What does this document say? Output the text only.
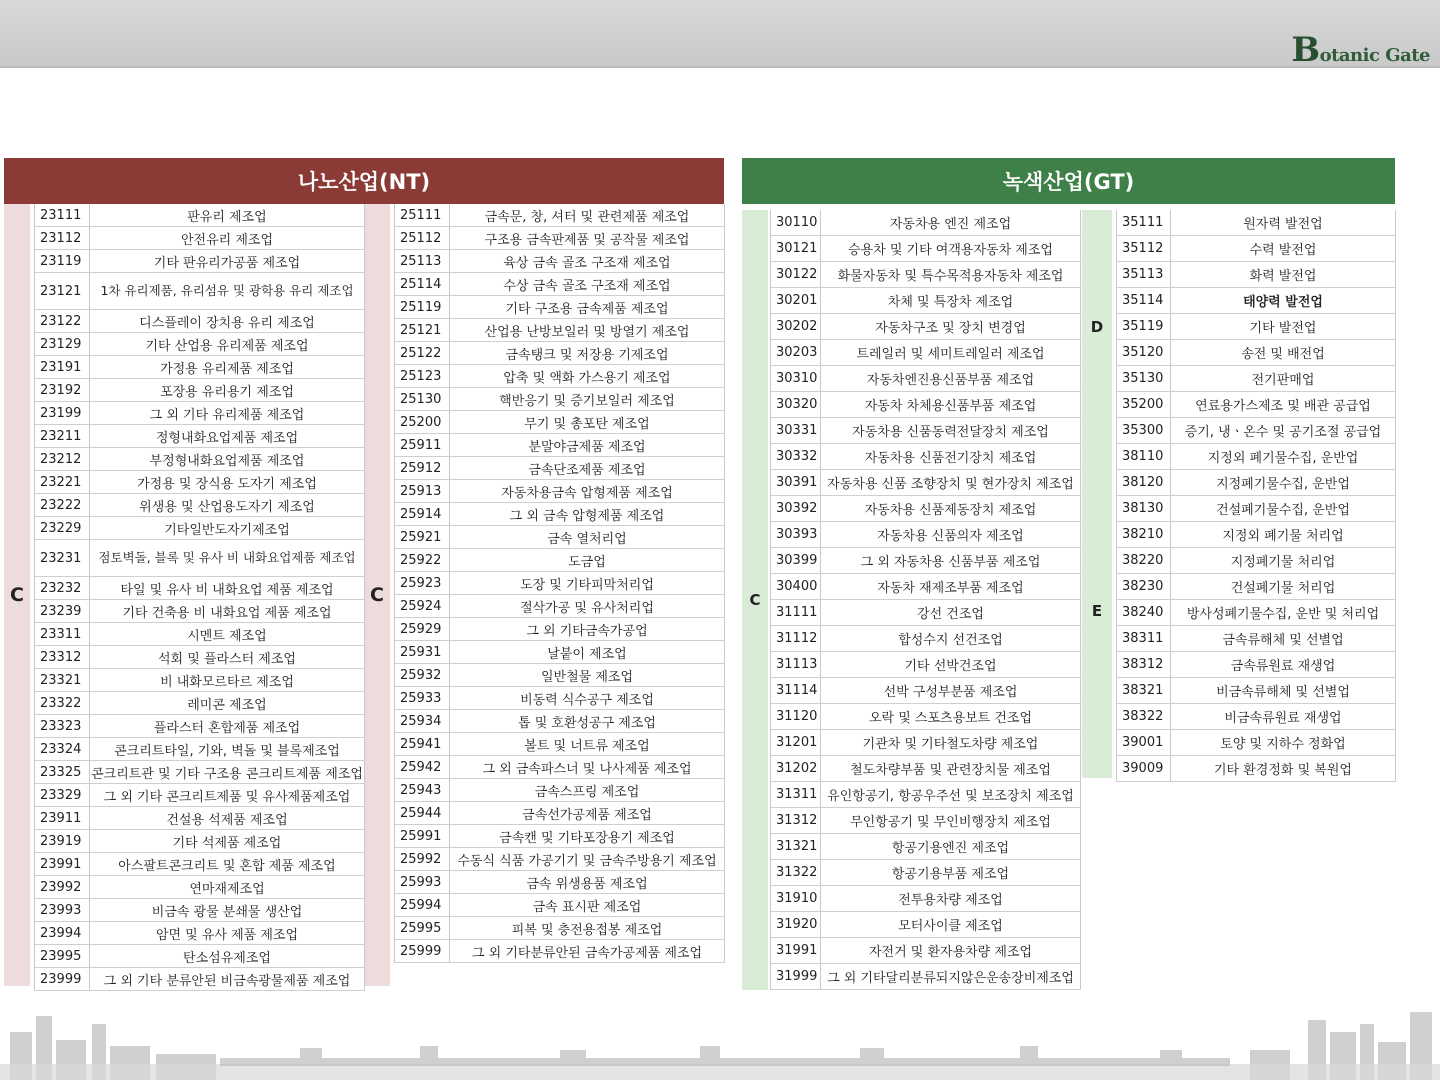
Botanic Gate
나노산업(NT)
C	C
23111	판유리 제조업
23112	안전유리 제조업
23119	기타 판유리가공품 제조업
23121	1차 유리제품, 유리섬유 및 광학용 유리 제조업
23122	디스플레이 장치용 유리 제조업
23129	기타 산업용 유리제품 제조업
23191	가정용 유리제품 제조업
23192	포장용 유리용기 제조업
23199	그 외 기타 유리제품 제조업
23211	정형내화요업제품 제조업
23212	부정형내화요업제품 제조업
23221	가정용 및 장식용 도자기 제조업
23222	위생용 및 산업용도자기 제조업
23229	기타일반도자기제조업
23231	점토벽돌, 블록 및 유사 비 내화요업제품 제조업
23232	타일 및 유사 비 내화요업 제품 제조업
23239	기타 건축용 비 내화요업 제품 제조업
23311	시멘트 제조업
23312	석회 및 플라스터 제조업
23321	비 내화모르타르 제조업
23322	레미콘 제조업
23323	플라스터 혼합제품 제조업
23324	콘크리트타일, 기와, 벽돌 및 블록제조업
23325	콘크리트관 및 기타 구조용 콘크리트제품 제조업
23329	그 외 기타 콘크리트제품 및 유사제품제조업
23911	건설용 석제품 제조업
23919	기타 석제품 제조업
23991	아스팔트콘크리트 및 혼합 제품 제조업
23992	연마재제조업
23993	비금속 광물 분쇄물 생산업
23994	암면 및 유사 제품 제조업
23995	탄소섬유제조업
23999	그 외 기타 분류안된 비금속광물제품 제조업
25111	금속문, 창, 셔터 및 관련제품 제조업
25112	구조용 금속판제품 및 공작물 제조업
25113	육상 금속 골조 구조재 제조업
25114	수상 금속 골조 구조재 제조업
25119	기타 구조용 금속제품 제조업
25121	산업용 난방보일러 및 방열기 제조업
25122	금속탱크 및 저장용 기제조업
25123	압축 및 액화 가스용기 제조업
25130	핵반응기 및 증기보일러 제조업
25200	무기 및 총포탄 제조업
25911	분말야금제품 제조업
25912	금속단조제품 제조업
25913	자동차용금속 압형제품 제조업
25914	그 외 금속 압형제품 제조업
25921	금속 열처리업
25922	도금업
25923	도장 및 기타피막처리업
25924	절삭가공 및 유사처리업
25929	그 외 기타금속가공업
25931	날붙이 제조업
25932	일반철물 제조업
25933	비동력 식수공구 제조업
25934	톱 및 호환성공구 제조업
25941	볼트 및 너트류 제조업
25942	그 외 금속파스너 및 나사제품 제조업
25943	금속스프링 제조업
25944	금속선가공제품 제조업
25991	금속캔 및 기타포장용기 제조업
25992	수동식 식품 가공기기 및 금속주방용기 제조업
25993	금속 위생용품 제조업
25994	금속 표시판 제조업
25995	피복 및 충전용접봉 제조업
25999	그 외 기타분류안된 금속가공제품 제조업
녹색산업(GT)
C
D
E
30110	자동차용 엔진 제조업
30121	승용차 및 기타 여객용자동차 제조업
30122	화물자동차 및 특수목적용자동차 제조업
30201	차체 및 특장차 제조업
30202	자동차구조 및 장치 변경업
30203	트레일러 및 세미트레일러 제조업
30310	자동차엔진용신품부품 제조업
30320	자동차 차체용신품부품 제조업
30331	자동차용 신품동력전달장치 제조업
30332	자동차용 신품전기장치 제조업
30391	자동차용 신품 조향장치 및 현가장치 제조업
30392	자동차용 신품제동장치 제조업
30393	자동차용 신품의자 제조업
30399	그 외 자동차용 신품부품 제조업
30400	자동차 재제조부품 제조업
31111	강선 건조업
31112	합성수지 선건조업
31113	기타 선박건조업
31114	선박 구성부분품 제조업
31120	오락 및 스포츠용보트 건조업
31201	기관차 및 기타철도차량 제조업
31202	철도차량부품 및 관련장치물 제조업
31311	유인항공기, 항공우주선 및 보조장치 제조업
31312	무인항공기 및 무인비행장치 제조업
31321	항공기용엔진 제조업
31322	항공기용부품 제조업
31910	전투용차량 제조업
31920	모터사이클 제조업
31991	자전거 및 환자용차량 제조업
31999	그 외 기타달리분류되지않은운송장비제조업
35111	원자력 발전업
35112	수력 발전업
35113	화력 발전업
35114	태양력 발전업
35119	기타 발전업
35120	송전 및 배전업
35130	전기판매업
35200	연료용가스제조 및 배관 공급업
35300	증기, 냉ㆍ온수 및 공기조절 공급업
38110	지정외 폐기물수집, 운반업
38120	지정폐기물수집, 운반업
38130	건설폐기물수집, 운반업
38210	지정외 폐기물 처리업
38220	지정폐기물 처리업
38230	건설폐기물 처리업
38240	방사성폐기물수집, 운반 및 처리업
38311	금속류해체 및 선별업
38312	금속류원료 재생업
38321	비금속류해체 및 선별업
38322	비금속류원료 재생업
39001	토양 및 지하수 정화업
39009	기타 환경정화 및 복원업
